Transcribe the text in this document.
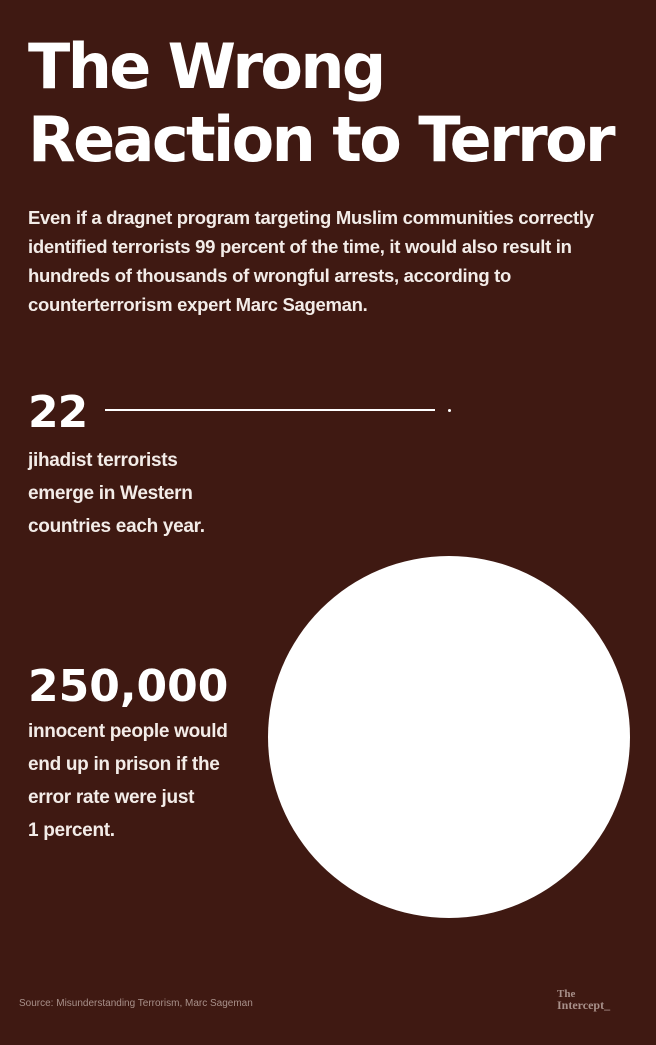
The Wrong
Reaction to Terror

Even if a dragnet program targeting Muslim communities correctly identified terrorists 99 percent of the time, it would also result in hundreds of thousands of wrongful arrests, according to counterterrorism expert Marc Sageman.

22

jihadist terrorists
emerge in Western
countries each year.

250,000

innocent people would
end up in prison if the
error rate were just
1 percent.

Source: Misunderstanding Terrorism, Marc Sageman
The
Intercept_
